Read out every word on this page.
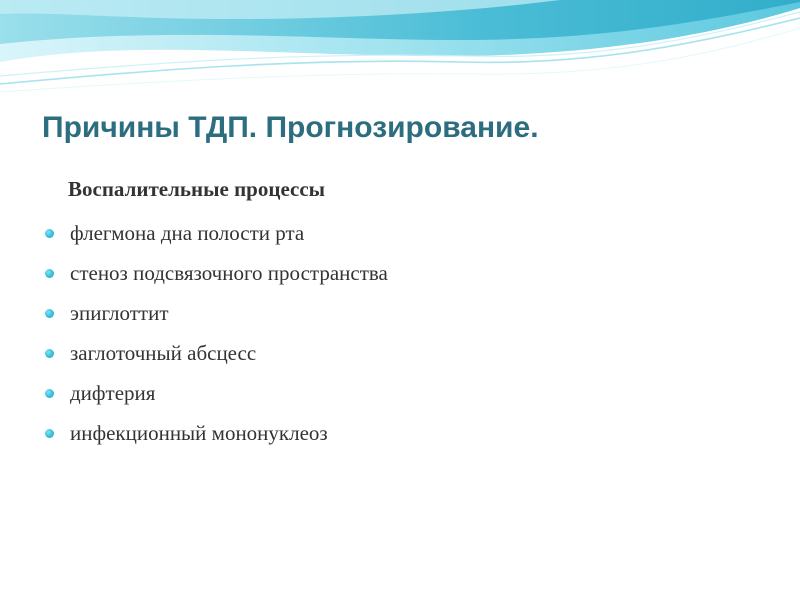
Причины ТДП. Прогнозирование.

Воспалительные процессы

флегмона дна полости рта
стеноз подсвязочного пространства
эпиглоттит
заглоточный абсцесс
дифтерия
инфекционный мононуклеоз
